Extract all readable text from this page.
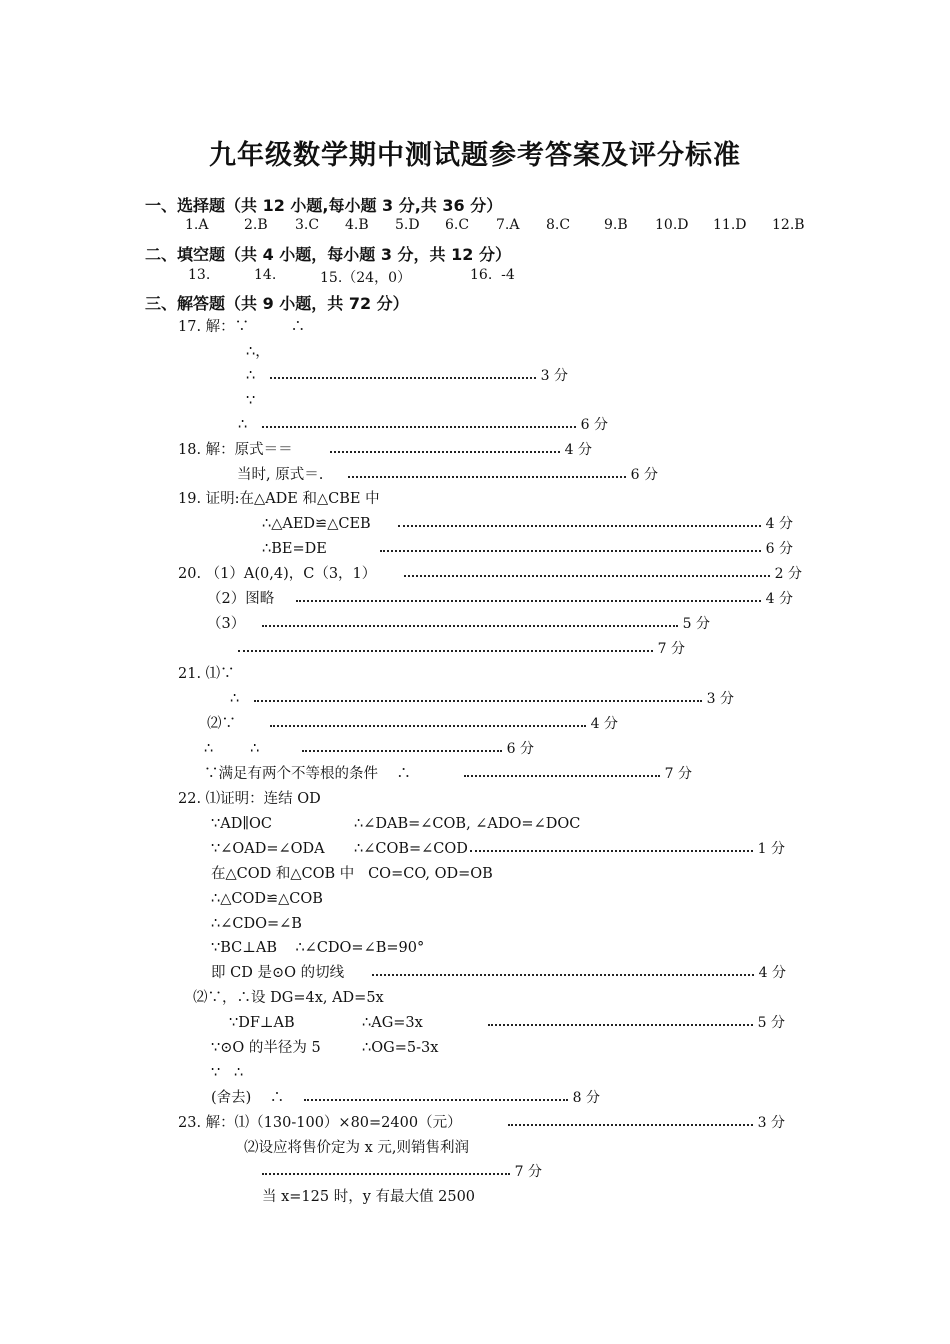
九年级数学期中测试题参考答案及评分标准
一、选择题（共 12 小题,每小题 3 分,共 36 分）
1.A	2.B 3.C 4.B 5.D 6.C 7.A 8.C 9.B 10.D 11.D 12.B
二、填空题（共 4 小题，每小题 3 分，共 12 分）
13.	14.	15.（24，0）	16.  -4
三、解答题（共 9 小题，共 72 分）
17. 解：∵         ∴
∴，
∴	3 分
∵
∴	6 分
18. 解：原式＝＝	4 分
当时, 原式＝.	6 分
19. 证明:在△ADE 和△CBE 中
∴△AED≌△CEB	4 分
∴BE=DE	6 分
20. （1）A(0,4)，C（3，1）	2 分
（2）图略	4 分
（3）	5 分
7 分
21. ⑴∵
∴	3 分
⑵∵	4 分
∴        ∴	6 分
∵满足有两个不等根的条件    ∴	7 分
22. ⑴证明：连结 OD
∵AD∥OC	∴∠DAB=∠COB, ∠ADO=∠DOC
∵∠OAD=∠ODA ∴∠COB=∠COD	1 分
在△COD 和△COB 中   CO=CO, OD=OB
∴△COD≌△COB
∴∠CDO=∠B
∵BC⊥AB    ∴∠CDO=∠B=90°
即 CD 是⊙O 的切线	4 分
⑵∵，∴设 DG=4x, AD=5x
∵DF⊥AB	∴AG=3x	5 分
∵⊙O 的半径为 5	∴OG=5-3x
∵   ∴
(舍去)    ∴	8 分
23. 解：⑴（130-100）×80=2400（元）	3 分
⑵设应将售价定为 x 元,则销售利润
7 分
当 x=125 时，y 有最大值 2500
